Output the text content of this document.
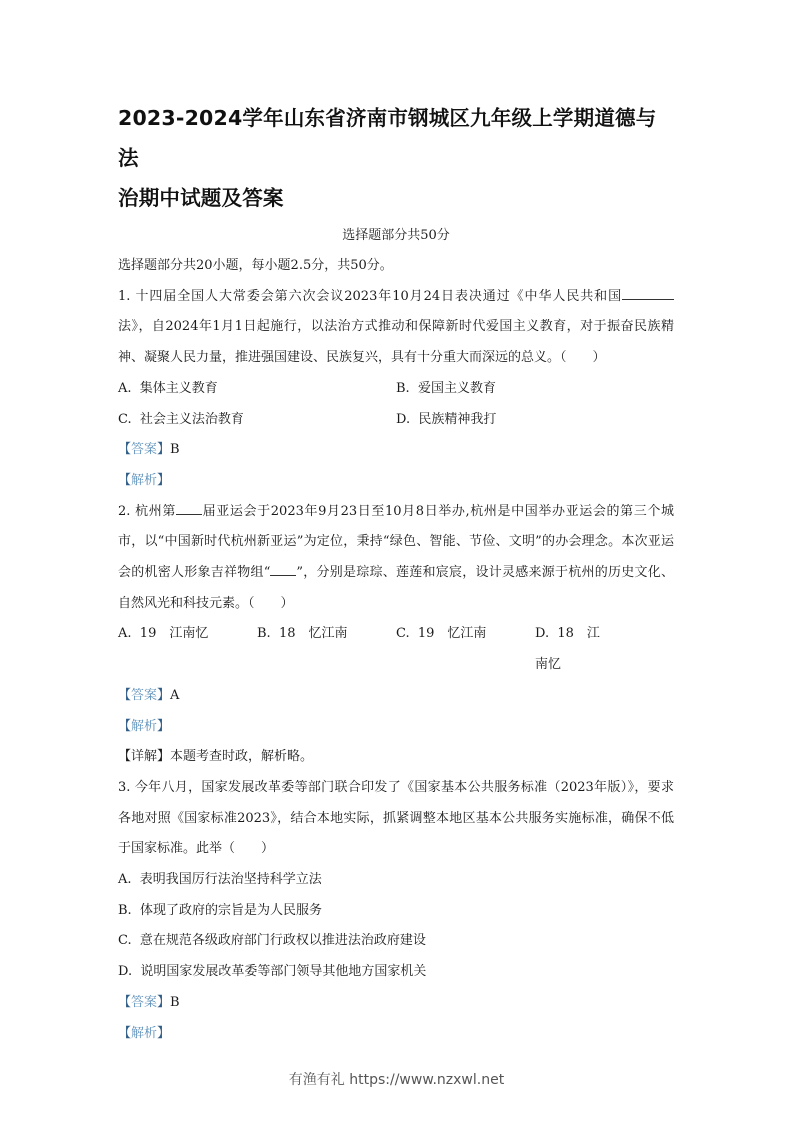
2023-2024学年山东省济南市钢城区九年级上学期道德与法
治期中试题及答案
选择题部分共50分

选择题部分共20小题，每小题2.5分，共50分。

1. 十四届全国人大常委会第六次会议2023年10月24日表决通过《中华人民共和国法》，自2024年1月1日起施行，以法治方式推动和保障新时代爱国主义教育，对于振奋民族精神、凝聚人民力量，推进强国建设、民族复兴，具有十分重大而深远的总义。（　　）

A. 集体主义教育	B. 爱国主义教育
C. 社会主义法治教育	D. 民族精神我打

【答案】B

【解析】

2. 杭州第 届亚运会于2023年9月23日至10月8日举办,杭州是中国举办亚运会的第三个城市，以“中国新时代杭州新亚运”为定位，秉持“绿色、智能、节俭、文明”的办会理念。本次亚运会的机密人形象吉祥物组“ ”，分别是琮琮、莲莲和宸宸，设计灵感来源于杭州的历史文化、自然风光和科技元素。（　　）

A. 19　江南忆	B. 18　忆江南	C. 19　忆江南	D. 18　江南忆

【答案】A

【解析】

【详解】本题考查时政，解析略。

3. 今年八月，国家发展改革委等部门联合印发了《国家基本公共服务标准（2023年版）》，要求各地对照《国家标准2023》，结合本地实际，抓紧调整本地区基本公共服务实施标准，确保不低于国家标准。此举（　　）

A. 表明我国厉行法治坚持科学立法

B. 体现了政府的宗旨是为人民服务

C. 意在规范各级政府部门行政权以推进法治政府建设

D. 说明国家发展改革委等部门领导其他地方国家机关

【答案】B

【解析】

有渔有礼 https://www.nzxwl.net
